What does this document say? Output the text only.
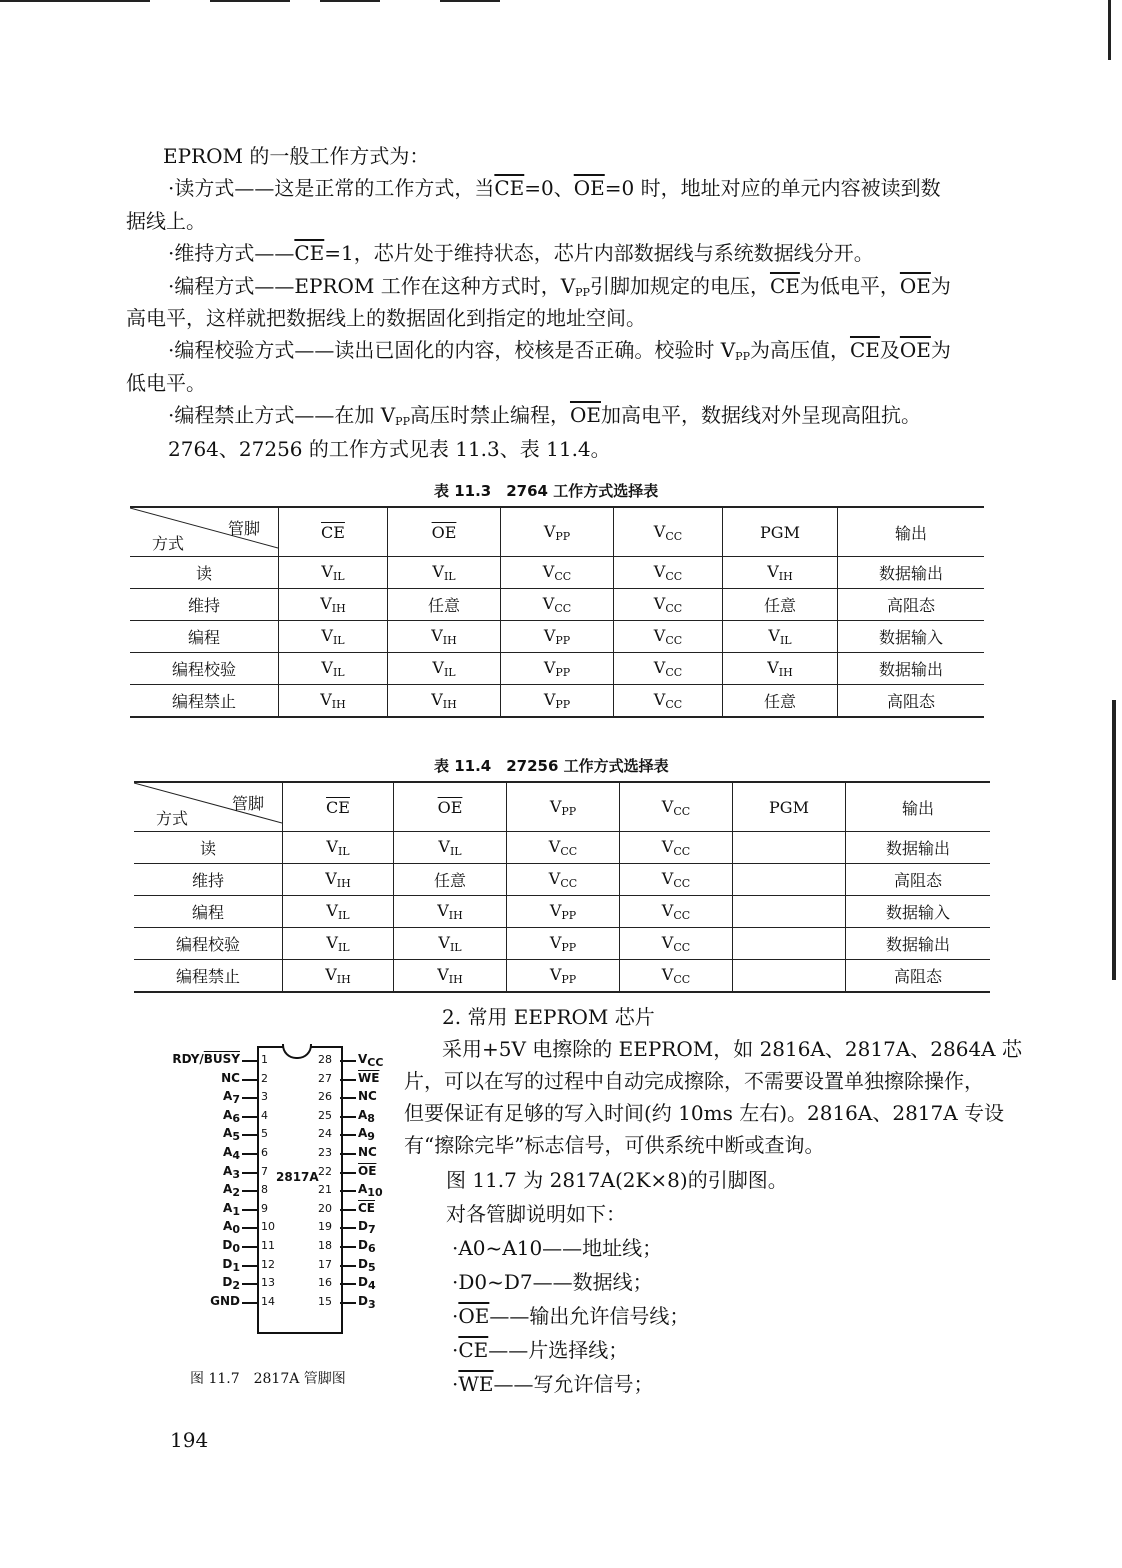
EPROM 的一般工作方式为：
·读方式——这是正常的工作方式，当$\overline{CE}=0$、$\overline{OE}=0$ 时，地址对应的单元内容被读到数
据线上。
·维持方式$——\overline{CE}=1$，芯片处于维持状态，芯片内部数据线与系统数据线分开。
·编程方式——EPROM 工作在这种方式时，$V_{PP}$引脚加规定的电压，$\overline{CE}$为低电平，$\overline{OE}$为
高电平，这样就把数据线上的数据固化到指定的地址空间。
·编程校验方式——读出已固化的内容，校核是否正确。校验时 $V_{PP}$为高压值，$\overline{CE}$及$\overline{OE}$为
低电平。
·编程禁止方式——在加 $V_{PP}$高压时禁止编程，$\overline{OE}$加高电平，数据线对外呈现高阻抗。
2764、27256 的工作方式见表 11.3、表 11.4。
表 11.3　2764 工作方式选择表
管脚
方式	$\overline{CE}$	$\overline{OE}$	$V_{PP}$	$V_{CC}$	PGM	输出
读	$V_{IL}$	$V_{IL}$	$V_{CC}$	$V_{CC}$	$V_{IH}$	数据输出
维持	$V_{IH}$	任意	$V_{CC}$	$V_{CC}$	任意	高阻态
编程	$V_{IL}$	$V_{IH}$	$V_{PP}$	$V_{CC}$	$V_{IL}$	数据输入
编程校验	$V_{IL}$	$V_{IL}$	$V_{PP}$	$V_{CC}$	$V_{IH}$	数据输出
编程禁止	$V_{IH}$	$V_{IH}$	$V_{PP}$	$V_{CC}$	任意	高阻态
表 11.4　27256 工作方式选择表
管脚
方式	$\overline{CE}$	$\overline{OE}$	$V_{PP}$	$V_{CC}$	PGM	输出
读	$V_{IL}$	$V_{IL}$	$V_{CC}$	$V_{CC}$		数据输出
维持	$V_{IH}$	任意	$V_{CC}$	$V_{CC}$		高阻态
编程	$V_{IL}$	$V_{IH}$	$V_{PP}$	$V_{CC}$		数据输入
编程校验	$V_{IL}$	$V_{IL}$	$V_{PP}$	$V_{CC}$		数据输出
编程禁止	$V_{IH}$	$V_{IH}$	$V_{PP}$	$V_{CC}$		高阻态
2. 常用 EEPROM 芯片
采用+5V 电擦除的 EEPROM，如 2816A、2817A、2864A 芯
片，可以在写的过程中自动完成擦除，不需要设置单独擦除操作，
但要保证有足够的写入时间(约 10ms 左右)。2816A、2817A 专设
有“擦除完毕”标志信号，可供系统中断或查询。
图 11.7 为 2817A(2K×8)的引脚图。
对各管脚说明如下：
·A0~A10——地址线；
·D0~D7——数据线；
$\cdot\overline{OE}——$输出允许信号线；
$\cdot\overline{CE}——$片选择线；
$\cdot\overline{WE}——$写允许信号；
2817A
RDY/BUSY 1	$V_{CC}$
28
NC 2	$\overline{WE}$
27
$A_7$ 3	NC
26
$A_6$ 4	$A_8$
25
$A_5$ 5	$A_9$
24
$A_4$ 6	NC
23
$A_3$ 7	$\overline{OE}$
22
$A_2$ 8	$A_{10}$
21
$A_1$ 9	$\overline{CE}$
20
$A_0$ 10	$D_7$
19
$D_0$ 11	$D_6$
18
$D_1$ 12	$D_5$
17
$D_2$ 13	$D_4$
16
GND 14	$D_3$
15
图 11.7　2817A 管脚图
194
